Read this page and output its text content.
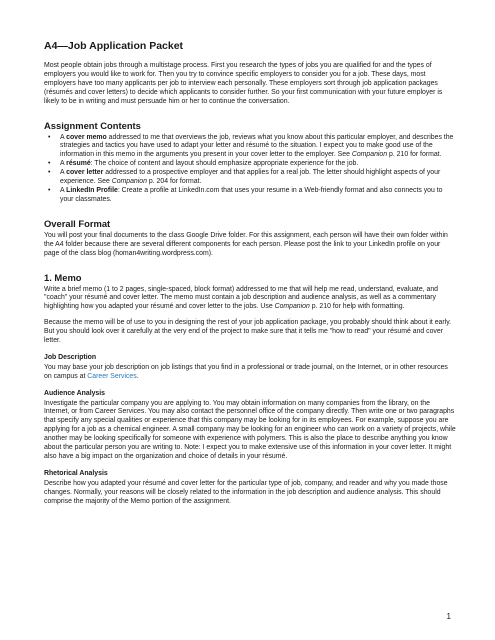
A4—Job Application Packet

Most people obtain jobs through a multistage process. First you research the types of jobs you are qualified for and the types of employers you would like to work for. Then you try to convince specific employers to consider you for a job. These days, most employers have too many applicants per job to interview each personally. These employers sort through job application packages (résumés and cover letters) to decide which applicants to consider further. So your first communication with your future employer is likely to be in writing and must persuade him or her to continue the conversation.

Assignment Contents
• A cover memo addressed to me that overviews the job, reviews what you know about this particular employer, and describes the strategies and tactics you have used to adapt your letter and résumé to the situation. I expect you to make good use of the information in this memo in the arguments you present in your cover letter to the employer. See Companion p. 210 for format.
• A résumé: The choice of content and layout should emphasize appropriate experience for the job.
• A cover letter addressed to a prospective employer and that applies for a real job. The letter should highlight aspects of your experience. See Companion p. 204 for format.
• A LinkedIn Profile: Create a profile at LinkedIn.com that uses your resume in a Web-friendly format and also connects you to your classmates.
Overall Format

You will post your final documents to the class Google Drive folder. For this assignment, each person will have their own folder within the A4 folder because there are several different components for each person. Please post the link to your LinkedIn profile on your page of the class blog (homan4writing.wordpress.com).

1. Memo

Write a brief memo (1 to 2 pages, single-spaced, block format) addressed to me that will help me read, understand, evaluate, and "coach" your résumé and cover letter. The memo must contain a job description and audience analysis, as well as a commentary highlighting how you adapted your résumé and cover letter to the jobs. Use Companion p. 210 for help with formatting.

Because the memo will be of use to you in designing the rest of your job application package, you probably should think about it early. But you should look over it carefully at the very end of the project to make sure that it tells me "how to read" your résumé and cover letter.

Job Description

You may base your job description on job listings that you find in a professional or trade journal, on the Internet, or in other resources on campus at Career Services.

Audience Analysis

Investigate the particular company you are applying to. You may obtain information on many companies from the library, on the Internet, or from Career Services. You may also contact the personnel office of the company directly. Then write one or two paragraphs that specify any special qualities or experience that this company may be looking for in its employees. For example, suppose you are applying for a job as a chemical engineer. A small company may be looking for an engineer who can work on a variety of projects, while another may be looking specifically for someone with experience with polymers. This is also the place to describe anything you know about the particular person you are writing to. Note: I expect you to make extensive use of this information in your cover letter. It might also have a big impact on the organization and choice of details in your résumé.

Rhetorical Analysis

Describe how you adapted your résumé and cover letter for the particular type of job, company, and reader and why you made those changes. Normally, your reasons will be closely related to the information in the job description and audience analysis. This should comprise the majority of the Memo portion of the assignment.

1
